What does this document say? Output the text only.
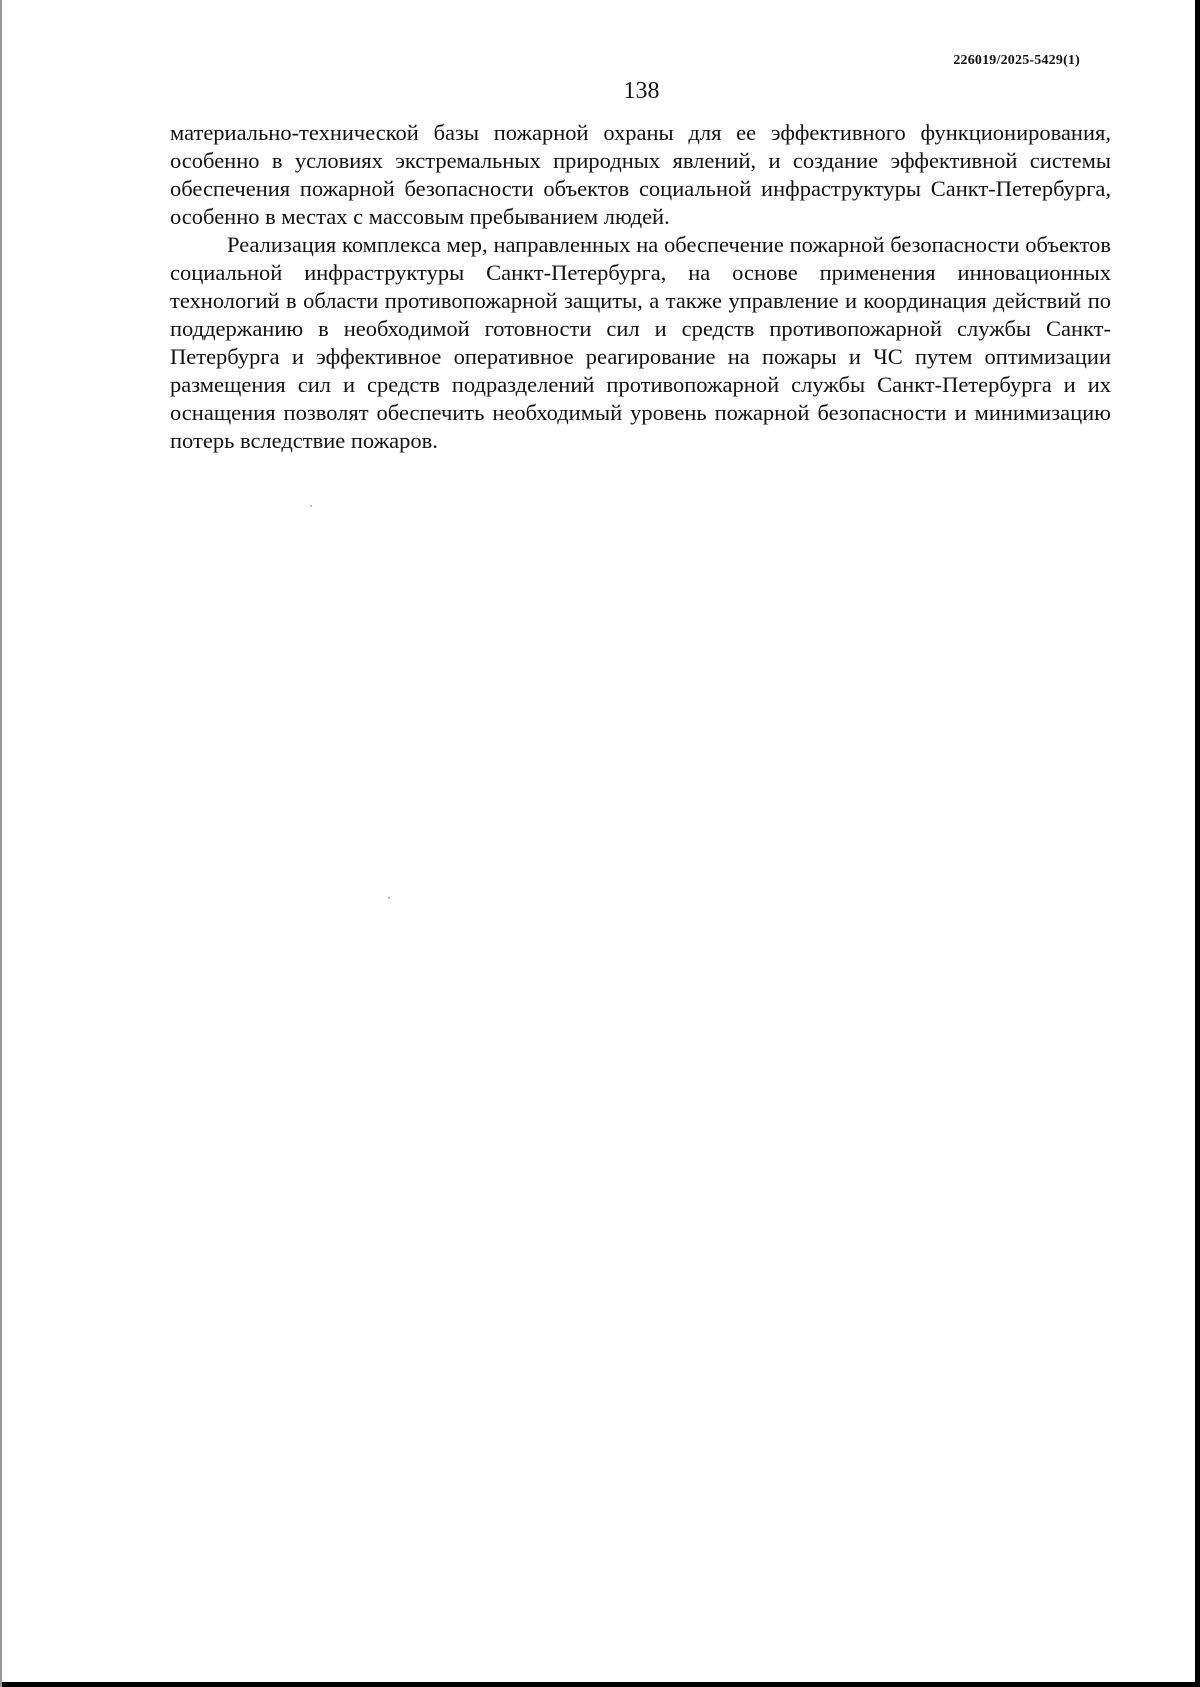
226019/2025-5429(1)
138

материально-технической базы пожарной охраны для ее эффективного функционирования, особенно в условиях экстремальных природных явлений, и создание эффективной системы обеспечения пожарной безопасности объектов социальной инфраструктуры Санкт-Петербурга, особенно в местах с массовым пребыванием людей.

Реализация комплекса мер, направленных на обеспечение пожарной безопасности объектов социальной инфраструктуры Санкт-Петербурга, на основе применения инновационных технологий в области противопожарной защиты, а также управление и координация действий по поддержанию в необходимой готовности сил и средств противопожарной службы Санкт-Петербурга и эффективное оперативное реагирование на пожары и ЧС путем оптимизации размещения сил и средств подразделений противопожарной службы Санкт-Петербурга и их оснащения позволят обеспечить необходимый уровень пожарной безопасности и минимизацию потерь вследствие пожаров.
